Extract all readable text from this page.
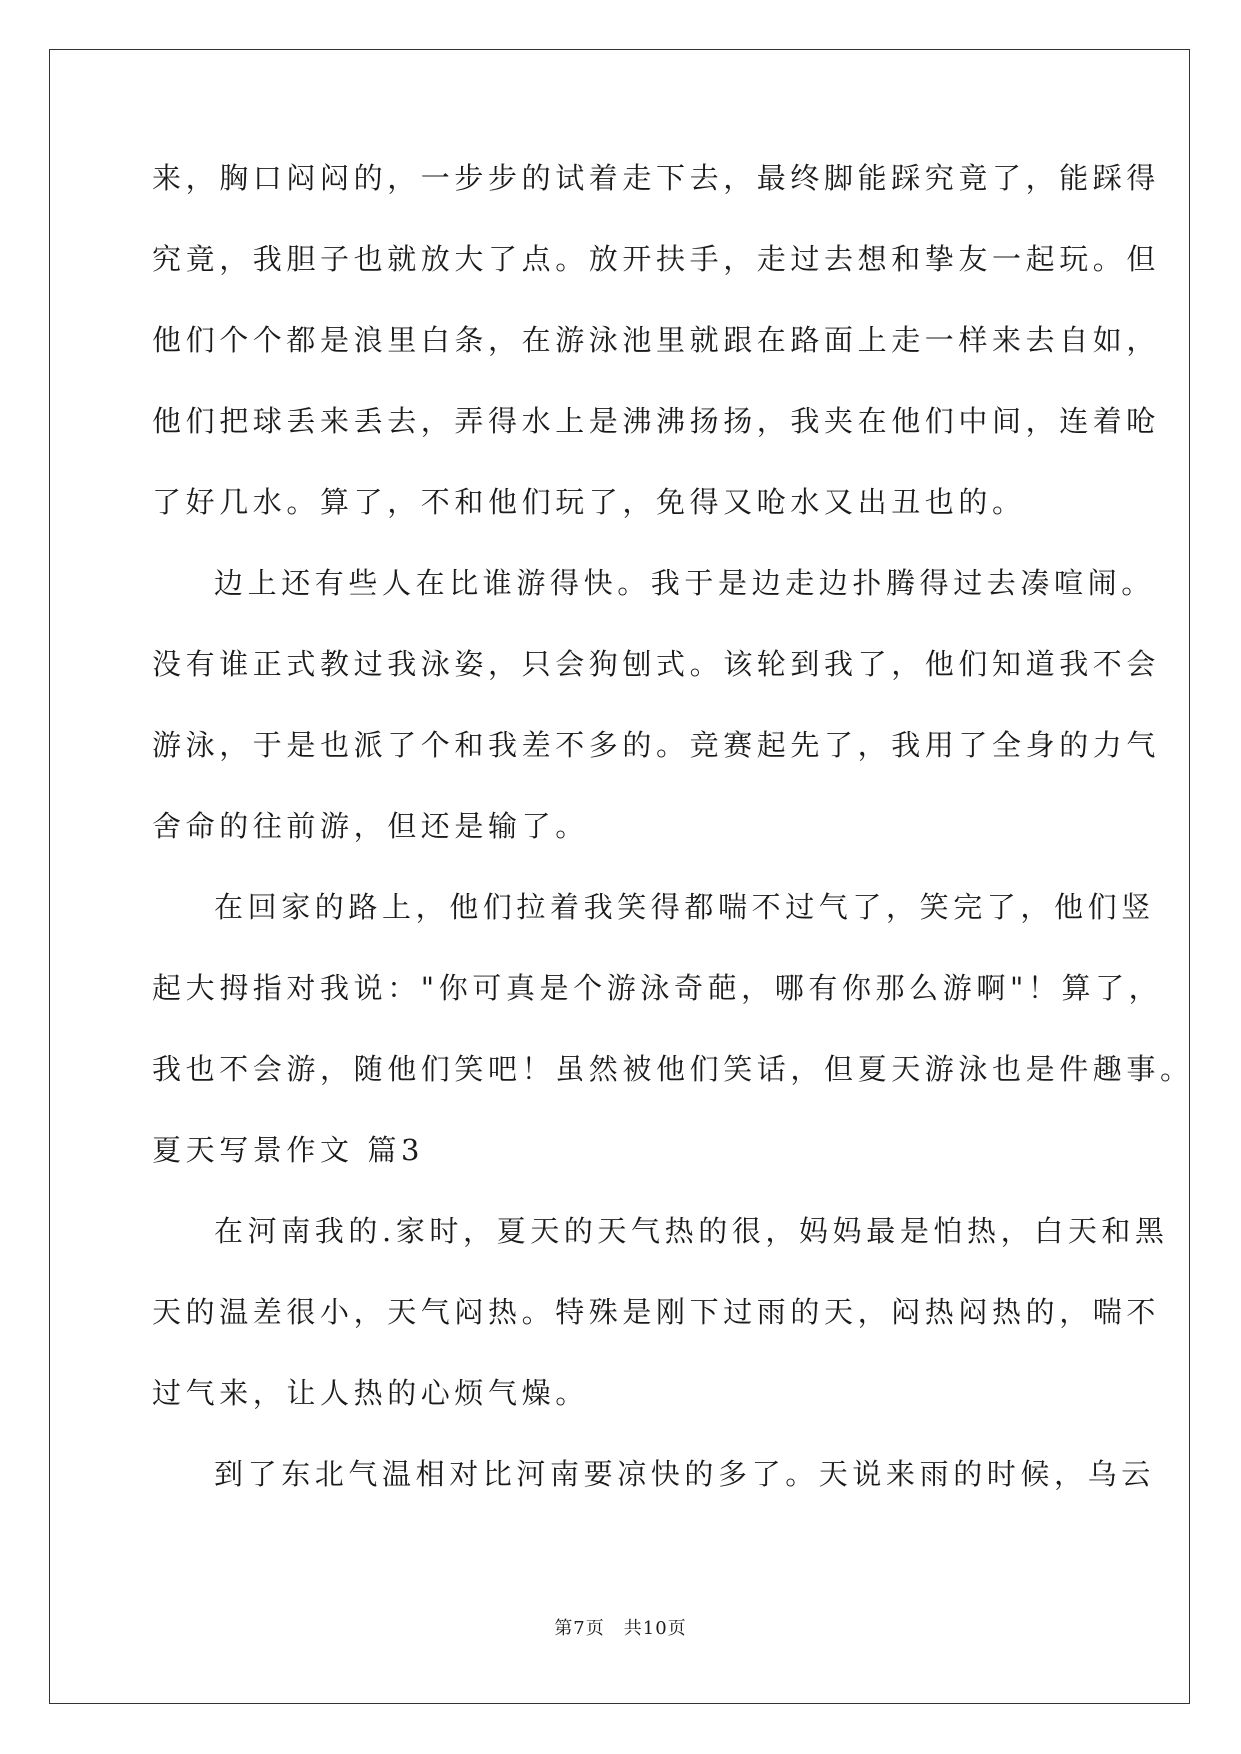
来，胸口闷闷的，一步步的试着走下去，最终脚能踩究竟了，能踩得
究竟，我胆子也就放大了点。放开扶手，走过去想和挚友一起玩。但
他们个个都是浪里白条，在游泳池里就跟在路面上走一样来去自如，
他们把球丢来丢去，弄得水上是沸沸扬扬，我夹在他们中间，连着呛
了好几水。算了，不和他们玩了，免得又呛水又出丑也的。
边上还有些人在比谁游得快。我于是边走边扑腾得过去凑喧闹。
没有谁正式教过我泳姿，只会狗刨式。该轮到我了，他们知道我不会
游泳，于是也派了个和我差不多的。竞赛起先了，我用了全身的力气
舍命的往前游，但还是输了。
在回家的路上，他们拉着我笑得都喘不过气了，笑完了，他们竖
起大拇指对我说："你可真是个游泳奇葩，哪有你那么游啊"！算了，
我也不会游，随他们笑吧！虽然被他们笑话，但夏天游泳也是件趣事。
夏天写景作文 篇3
在河南我的.家时，夏天的天气热的很，妈妈最是怕热，白天和黑
天的温差很小，天气闷热。特殊是刚下过雨的天，闷热闷热的，喘不
过气来，让人热的心烦气燥。
到了东北气温相对比河南要凉快的多了。天说来雨的时候，乌云
第7页　共10页
